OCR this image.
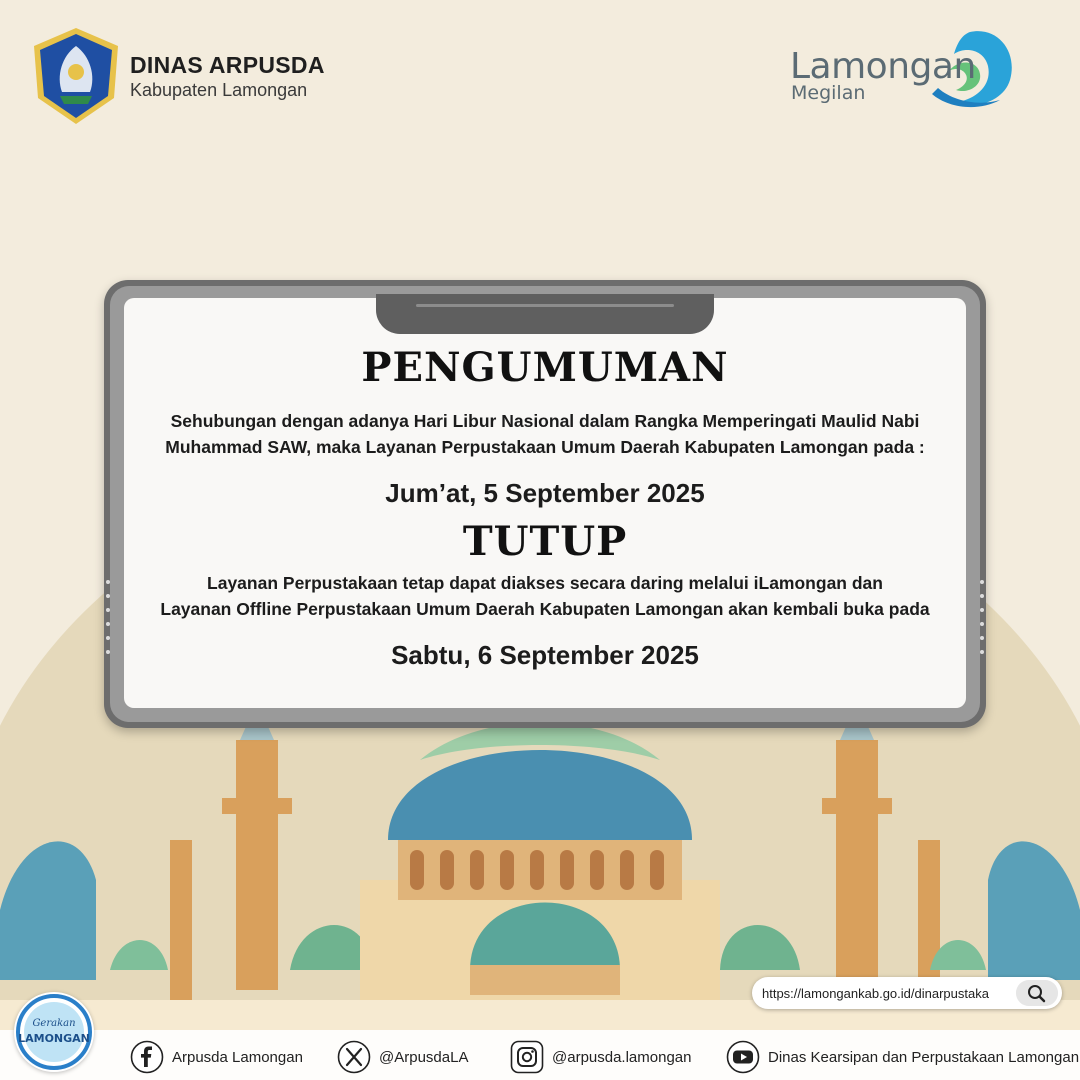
DINAS ARPUSDA
Kabupaten Lamongan
Lamongan
Megilan
PENGUMUMAN
Sehubungan dengan adanya Hari Libur Nasional dalam Rangka Memperingati Maulid Nabi
Muhammad SAW, maka Layanan Perpustakaan Umum Daerah Kabupaten Lamongan pada :
Jum’at, 5 September 2025
TUTUP
Layanan Perpustakaan tetap dapat diakses secara daring melalui iLamongan dan
Layanan Offline Perpustakaan Umum Daerah Kabupaten Lamongan akan kembali buka pada
Sabtu, 6 September 2025
https://lamongankab.go.id/dinarpustaka
Gerakan
LAMONGAN
Arpusda Lamongan	@ArpusdaLA	@arpusda.lamongan	Dinas Kearsipan dan Perpustakaan Lamongan
